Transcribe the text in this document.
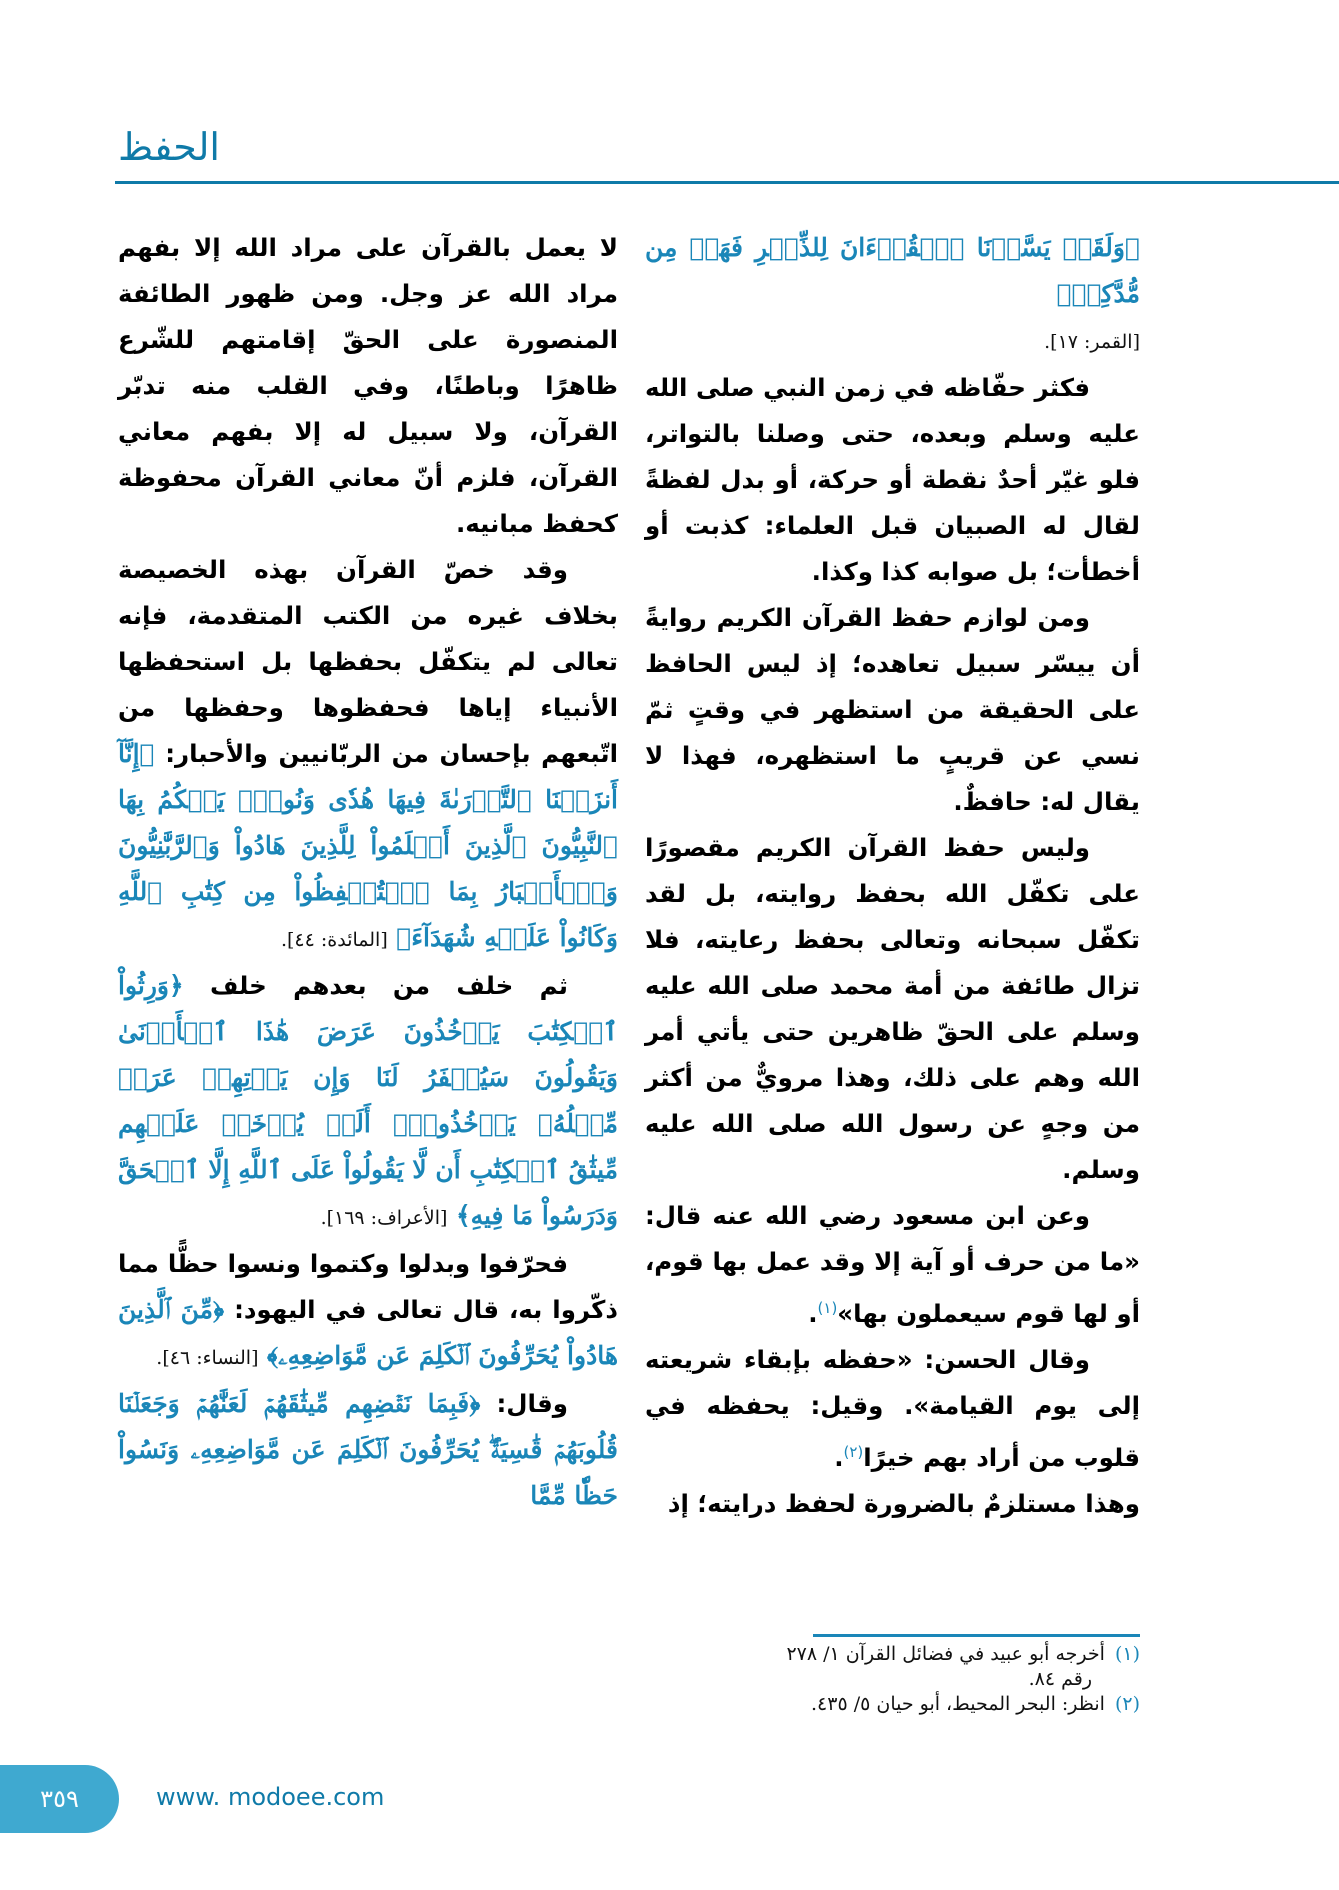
الحفظ

﴿وَلَقَدۡ يَسَّرۡنَا ٱلۡقُرۡءَانَ لِلذِّكۡرِ فَهَلۡ مِن مُّدَّكِرٖ﴾

[القمر: ١٧].

فكثر حفّاظه في زمن النبي صلى الله عليه وسلم وبعده، حتى وصلنا بالتواتر، فلو غيّر أحدٌ نقطة أو حركة، أو بدل لفظةً لقال له الصبيان قبل العلماء: كذبت أو أخطأت؛ بل صوابه كذا وكذا.

ومن لوازم حفظ القرآن الكريم روايةً أن ييسّر سبيل تعاهده؛ إذ ليس الحافظ على الحقيقة من استظهر في وقتٍ ثمّ نسي عن قريبٍ ما استظهره، فهذا لا يقال له: حافظٌ.

وليس حفظ القرآن الكريم مقصورًا على تكفّل الله بحفظ روايته، بل لقد تكفّل سبحانه وتعالى بحفظ رعايته، فلا تزال طائفة من أمة محمد صلى الله عليه وسلم على الحقّ ظاهرين حتى يأتي أمر الله وهم على ذلك، وهذا مرويٌّ من أكثر من وجهٍ عن رسول الله صلى الله عليه وسلم.

وعن ابن مسعود رضي الله عنه قال: «ما من حرف أو آية إلا وقد عمل بها قوم، أو لها قوم سيعملون بها»$^{(١)}$.

وقال الحسن: «حفظه بإبقاء شريعته إلى يوم القيامة». وقيل: يحفظه في قلوب من أراد بهم خيرًا$^{(٢)}$.

وهذا مستلزمٌ بالضرورة لحفظ درايته؛ إذ

(١)أخرجه أبو عبيد في فضائل القرآن ١/ ٢٧٨

رقم ٨٤.

(٢)انظر: البحر المحيط، أبو حيان ٥/ ٤٣٥.

لا يعمل بالقرآن على مراد الله إلا بفهم مراد الله عز وجل. ومن ظهور الطائفة المنصورة على الحقّ إقامتهم للشّرع ظاهرًا وباطنًا، وفي القلب منه تدبّر القرآن، ولا سبيل له إلا بفهم معاني القرآن، فلزم أنّ معاني القرآن محفوظة كحفظ مبانيه.

وقد خصّ القرآن بهذه الخصيصة بخلاف غيره من الكتب المتقدمة، فإنه تعالى لم يتكفّل بحفظها بل استحفظها الأنبياء إياها فحفظوها وحفظها من اتّبعهم بإحسان من الربّانيين والأحبار: ﴿إِنَّآ أَنزَلۡنَا ٱلتَّوۡرَىٰةَ فِيهَا هُدٗى وَنُورٞۚ يَحۡكُمُ بِهَا ٱلنَّبِيُّونَ ٱلَّذِينَ أَسۡلَمُواْ لِلَّذِينَ هَادُواْ وَٱلرَّبَّٰنِيُّونَ وَٱلۡأَحۡبَارُ بِمَا ٱسۡتُحۡفِظُواْ مِن كِتَٰبِ ٱللَّهِ وَكَانُواْ عَلَيۡهِ شُهَدَآءَ﴾ [المائدة: ٤٤].

ثم خلف من بعدهم خلف ﴿وَرِثُواْ ٱلۡكِتَٰبَ يَأۡخُذُونَ عَرَضَ هَٰذَا ٱلۡأَدۡنَىٰ وَيَقُولُونَ سَيُغۡفَرُ لَنَا وَإِن يَأۡتِهِمۡ عَرَضٞ مِّثۡلُهُۥ يَأۡخُذُوهُۚ أَلَمۡ يُؤۡخَذۡ عَلَيۡهِم مِّيثَٰقُ ٱلۡكِتَٰبِ أَن لَّا يَقُولُواْ عَلَى ٱللَّهِ إِلَّا ٱلۡحَقَّ وَدَرَسُواْ مَا فِيهِ﴾ [الأعراف: ١٦٩].

فحرّفوا وبدلوا وكتموا ونسوا حظًّا مما ذكّروا به، قال تعالى في اليهود: ﴿مِّنَ ٱلَّذِينَ هَادُواْ يُحَرِّفُونَ ٱلۡكَلِمَ عَن مَّوَاضِعِهِۦ﴾ [النساء: ٤٦].

وقال: ﴿فَبِمَا نَقۡضِهِم مِّيثَٰقَهُمۡ لَعَنَّٰهُمۡ وَجَعَلۡنَا قُلُوبَهُمۡ قَٰسِيَةٗۖ يُحَرِّفُونَ ٱلۡكَلِمَ عَن مَّوَاضِعِهِۦ وَنَسُواْ حَظّٗا مِّمَّا

٣٥٩	www. modoee.com
